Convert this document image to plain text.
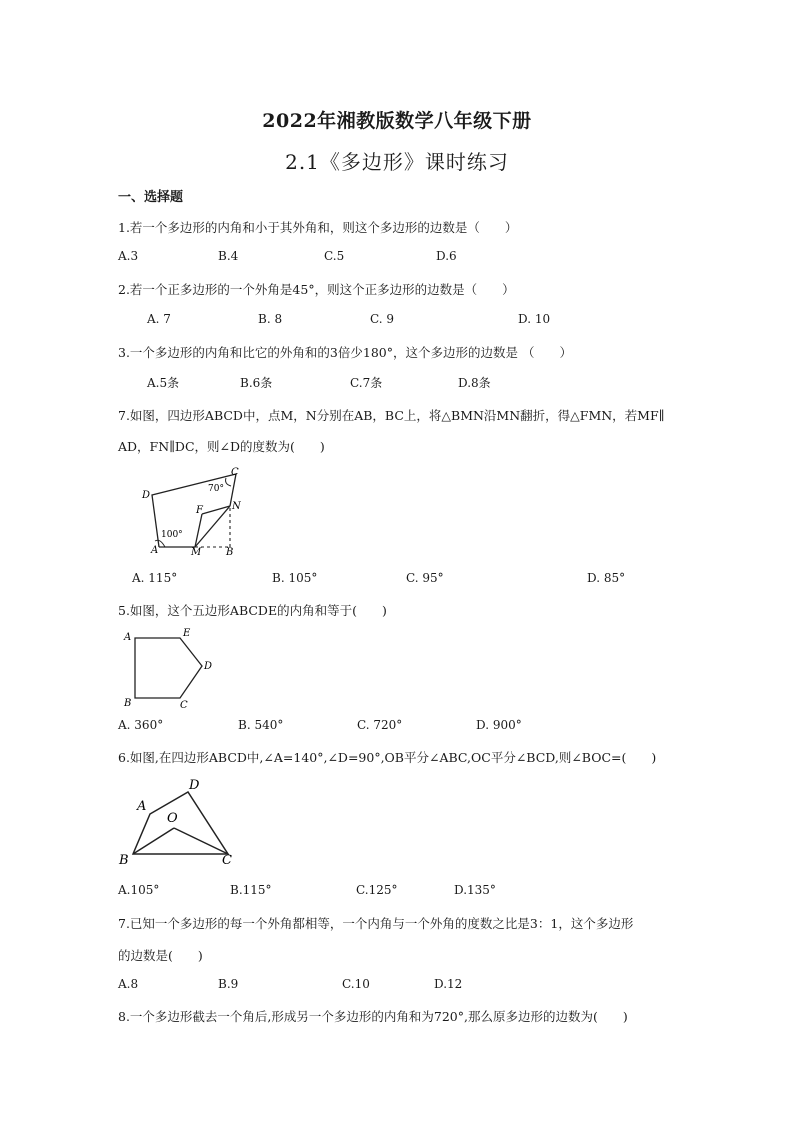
2022年湘教版数学八年级下册
2.1《多边形》课时练习
一、选择题
1.若一个多边形的内角和小于其外角和，则这个多边形的边数是（　　）
A.3	B.4	C.5	D.6
2.若一个正多边形的一个外角是45°，则这个正多边形的边数是（　　）
A. 7	B. 8	C. 9	D. 10
3.一个多边形的内角和比它的外角和的3倍少180°，这个多边形的边数是 （　　）
A.5条	B.6条	C.7条	D.8条
7.如图，四边形ABCD中，点M，N分别在AB，BC上，将△BMN沿MN翻折，得△FMN，若MF∥
AD，FN∥DC，则∠D的度数为(　　)
D
C
70°
F	N
100°
A	M B
A. 115°	B. 105°	C. 95°	D. 85°
5.如图，这个五边形ABCDE的内角和等于(　　)
A	E
D
B	C
A. 360°	B. 540°	C. 720°	D. 900°
6.如图,在四边形ABCD中,∠A=140°,∠D=90°,OB平分∠ABC,OC平分∠BCD,则∠BOC=(　　)
D
A
O
B	C
A.105°	B.115°	C.125°	D.135°
7.已知一个多边形的每一个外角都相等，一个内角与一个外角的度数之比是3：1，这个多边形
的边数是(　　)
A.8	B.9	C.10	D.12
8.一个多边形截去一个角后,形成另一个多边形的内角和为720°,那么原多边形的边数为(　　)
